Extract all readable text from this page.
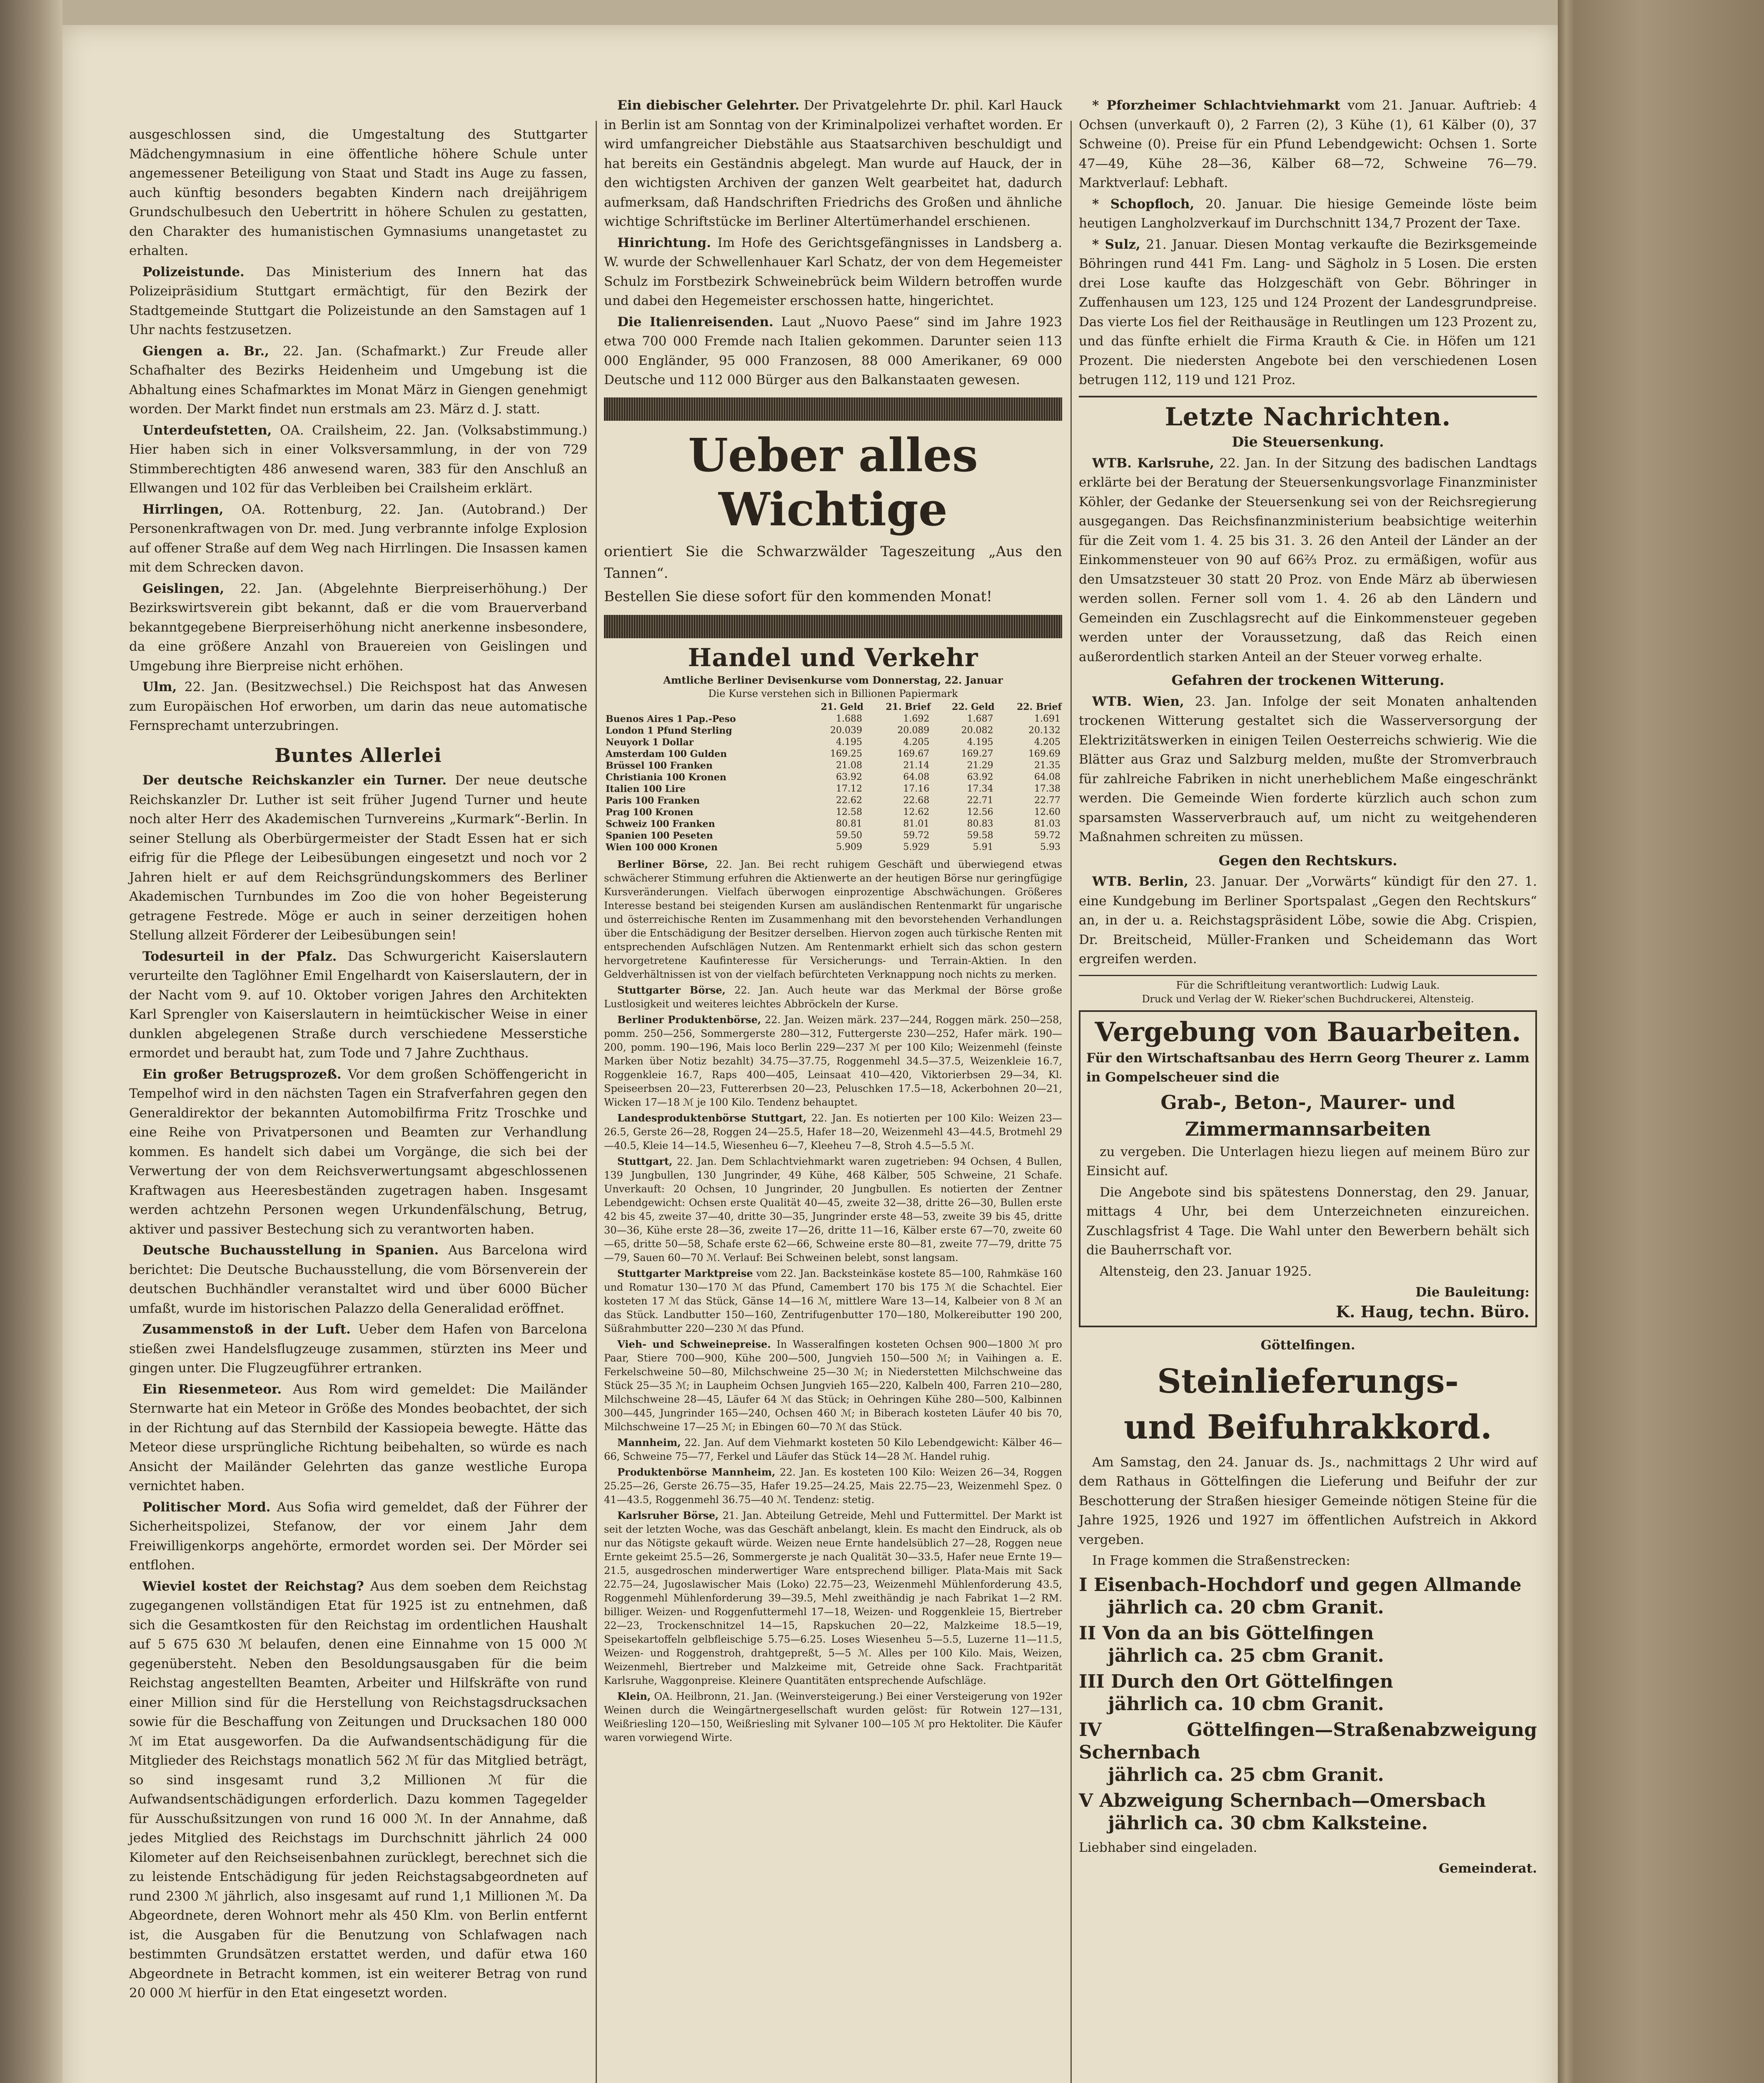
ausgeschlossen sind, die Umgestaltung des Stuttgarter Mädchengymnasium in eine öffentliche höhere Schule unter angemessener Beteiligung von Staat und Stadt ins Auge zu fassen, auch künftig besonders begabten Kindern nach dreijährigem Grundschulbesuch den Uebertritt in höhere Schulen zu gestatten, den Charakter des humanistischen Gymnasiums unangetastet zu erhalten.

Polizeistunde. Das Ministerium des Innern hat das Polizeipräsidium Stuttgart ermächtigt, für den Bezirk der Stadtgemeinde Stuttgart die Polizeistunde an den Samstagen auf 1 Uhr nachts festzusetzen.

Giengen a. Br., 22. Jan. (Schafmarkt.) Zur Freude aller Schafhalter des Bezirks Heidenheim und Umgebung ist die Abhaltung eines Schafmarktes im Monat März in Giengen genehmigt worden. Der Markt findet nun erstmals am 23. März d. J. statt.

Unterdeufstetten, OA. Crailsheim, 22. Jan. (Volksabstimmung.) Hier haben sich in einer Volksversammlung, in der von 729 Stimmberechtigten 486 anwesend waren, 383 für den Anschluß an Ellwangen und 102 für das Verbleiben bei Crailsheim erklärt.

Hirrlingen, OA. Rottenburg, 22. Jan. (Autobrand.) Der Personenkraftwagen von Dr. med. Jung verbrannte infolge Explosion auf offener Straße auf dem Weg nach Hirrlingen. Die Insassen kamen mit dem Schrecken davon.

Geislingen, 22. Jan. (Abgelehnte Bierpreiserhöhung.) Der Bezirkswirtsverein gibt bekannt, daß er die vom Brauerverband bekanntgegebene Bierpreiserhöhung nicht anerkenne insbesondere, da eine größere Anzahl von Brauereien von Geislingen und Umgebung ihre Bierpreise nicht erhöhen.

Ulm, 22. Jan. (Besitzwechsel.) Die Reichspost hat das Anwesen zum Europäischen Hof erworben, um darin das neue automatische Fernsprechamt unterzubringen.

Buntes Allerlei

Der deutsche Reichskanzler ein Turner. Der neue deutsche Reichskanzler Dr. Luther ist seit früher Jugend Turner und heute noch alter Herr des Akademischen Turnvereins „Kurmark“-Berlin. In seiner Stellung als Oberbürgermeister der Stadt Essen hat er sich eifrig für die Pflege der Leibesübungen eingesetzt und noch vor 2 Jahren hielt er auf dem Reichsgründungskommers des Berliner Akademischen Turnbundes im Zoo die von hoher Begeisterung getragene Festrede. Möge er auch in seiner derzeitigen hohen Stellung allzeit Förderer der Leibesübungen sein!

Todesurteil in der Pfalz. Das Schwurgericht Kaiserslautern verurteilte den Taglöhner Emil Engelhardt von Kaiserslautern, der in der Nacht vom 9. auf 10. Oktober vorigen Jahres den Architekten Karl Sprengler von Kaiserslautern in heimtückischer Weise in einer dunklen abgelegenen Straße durch verschiedene Messerstiche ermordet und beraubt hat, zum Tode und 7 Jahre Zuchthaus.

Ein großer Betrugsprozeß. Vor dem großen Schöffengericht in Tempelhof wird in den nächsten Tagen ein Strafverfahren gegen den Generaldirektor der bekannten Automobilfirma Fritz Troschke und eine Reihe von Privatpersonen und Beamten zur Verhandlung kommen. Es handelt sich dabei um Vorgänge, die sich bei der Verwertung der von dem Reichsverwertungsamt abgeschlossenen Kraftwagen aus Heeresbeständen zugetragen haben. Insgesamt werden achtzehn Personen wegen Urkundenfälschung, Betrug, aktiver und passiver Bestechung sich zu verantworten haben.

Deutsche Buchausstellung in Spanien. Aus Barcelona wird berichtet: Die Deutsche Buchausstellung, die vom Börsenverein der deutschen Buchhändler veranstaltet wird und über 6000 Bücher umfaßt, wurde im historischen Palazzo della Generalidad eröffnet.

Zusammenstoß in der Luft. Ueber dem Hafen von Barcelona stießen zwei Handelsflugzeuge zusammen, stürzten ins Meer und gingen unter. Die Flugzeugführer ertranken.

Ein Riesenmeteor. Aus Rom wird gemeldet: Die Mailänder Sternwarte hat ein Meteor in Größe des Mondes beobachtet, der sich in der Richtung auf das Sternbild der Kassiopeia bewegte. Hätte das Meteor diese ursprüngliche Richtung beibehalten, so würde es nach Ansicht der Mailänder Gelehrten das ganze westliche Europa vernichtet haben.

Politischer Mord. Aus Sofia wird gemeldet, daß der Führer der Sicherheitspolizei, Stefanow, der vor einem Jahr dem Freiwilligenkorps angehörte, ermordet worden sei. Der Mörder sei entflohen.

Wieviel kostet der Reichstag? Aus dem soeben dem Reichstag zugegangenen vollständigen Etat für 1925 ist zu entnehmen, daß sich die Gesamtkosten für den Reichstag im ordentlichen Haushalt auf 5 675 630 ℳ belaufen, denen eine Einnahme von 15 000 ℳ gegenübersteht. Neben den Besoldungsausgaben für die beim Reichstag angestellten Beamten, Arbeiter und Hilfskräfte von rund einer Million sind für die Herstellung von Reichstagsdrucksachen sowie für die Beschaffung von Zeitungen und Drucksachen 180 000 ℳ im Etat ausgeworfen. Da die Aufwandsentschädigung für die Mitglieder des Reichstags monatlich 562 ℳ für das Mitglied beträgt, so sind insgesamt rund 3,2 Millionen ℳ für die Aufwandsentschädigungen erforderlich. Dazu kommen Tagegelder für Ausschußsitzungen von rund 16 000 ℳ. In der Annahme, daß jedes Mitglied des Reichstags im Durchschnitt jährlich 24 000 Kilometer auf den Reichseisenbahnen zurücklegt, berechnet sich die zu leistende Entschädigung für jeden Reichstagsabgeordneten auf rund 2300 ℳ jährlich, also insgesamt auf rund 1,1 Millionen ℳ. Da Abgeordnete, deren Wohnort mehr als 450 Klm. von Berlin entfernt ist, die Ausgaben für die Benutzung von Schlafwagen nach bestimmten Grundsätzen erstattet werden, und dafür etwa 160 Abgeordnete in Betracht kommen, ist ein weiterer Betrag von rund 20 000 ℳ hierfür in den Etat eingesetzt worden.

Ein diebischer Gelehrter. Der Privatgelehrte Dr. phil. Karl Hauck in Berlin ist am Sonntag von der Kriminalpolizei verhaftet worden. Er wird umfangreicher Diebstähle aus Staatsarchiven beschuldigt und hat bereits ein Geständnis abgelegt. Man wurde auf Hauck, der in den wichtigsten Archiven der ganzen Welt gearbeitet hat, dadurch aufmerksam, daß Handschriften Friedrichs des Großen und ähnliche wichtige Schriftstücke im Berliner Altertümerhandel erschienen.

Hinrichtung. Im Hofe des Gerichtsgefängnisses in Landsberg a. W. wurde der Schwellenhauer Karl Schatz, der von dem Hegemeister Schulz im Forstbezirk Schweinebrück beim Wildern betroffen wurde und dabei den Hegemeister erschossen hatte, hingerichtet.

Die Italienreisenden. Laut „Nuovo Paese“ sind im Jahre 1923 etwa 700 000 Fremde nach Italien gekommen. Darunter seien 113 000 Engländer, 95 000 Franzosen, 88 000 Amerikaner, 69 000 Deutsche und 112 000 Bürger aus den Balkanstaaten gewesen.

Ueber alles Wichtige

orientiert Sie die Schwarzwälder Tageszeitung „Aus den Tannen“.

Bestellen Sie diese sofort für den kommenden Monat!

Handel und Verkehr
Amtliche Berliner Devisenkurse vom Donnerstag, 22. Januar
Die Kurse verstehen sich in Billionen Papiermark
	21. Geld	21. Brief	22. Geld	22. Brief
Buenos Aires 1 Pap.-Peso	1.688	1.692	1.687	1.691
London 1 Pfund Sterling	20.039	20.089	20.082	20.132
Neuyork 1 Dollar	4.195	4.205	4.195	4.205
Amsterdam 100 Gulden	169.25	169.67	169.27	169.69
Brüssel 100 Franken	21.08	21.14	21.29	21.35
Christiania 100 Kronen	63.92	64.08	63.92	64.08
Italien 100 Lire	17.12	17.16	17.34	17.38
Paris 100 Franken	22.62	22.68	22.71	22.77
Prag 100 Kronen	12.58	12.62	12.56	12.60
Schweiz 100 Franken	80.81	81.01	80.83	81.03
Spanien 100 Peseten	59.50	59.72	59.58	59.72
Wien 100 000 Kronen	5.909	5.929	5.91	5.93

Berliner Börse, 22. Jan. Bei recht ruhigem Geschäft und überwiegend etwas schwächerer Stimmung erfuhren die Aktienwerte an der heutigen Börse nur geringfügige Kursveränderungen. Vielfach überwogen einprozentige Abschwächungen. Größeres Interesse bestand bei steigenden Kursen am ausländischen Rentenmarkt für ungarische und österreichische Renten im Zusammenhang mit den bevorstehenden Verhandlungen über die Entschädigung der Besitzer derselben. Hiervon zogen auch türkische Renten mit entsprechenden Aufschlägen Nutzen. Am Rentenmarkt erhielt sich das schon gestern hervorgetretene Kaufinteresse für Versicherungs- und Terrain-Aktien. In den Geldverhältnissen ist von der vielfach befürchteten Verknappung noch nichts zu merken.

Stuttgarter Börse, 22. Jan. Auch heute war das Merkmal der Börse große Lustlosigkeit und weiteres leichtes Abbröckeln der Kurse.

Berliner Produktenbörse, 22. Jan. Weizen märk. 237—244, Roggen märk. 250—258, pomm. 250—256, Sommergerste 280—312, Futtergerste 230—252, Hafer märk. 190—200, pomm. 190—196, Mais loco Berlin 229—237 ℳ per 100 Kilo; Weizenmehl (feinste Marken über Notiz bezahlt) 34.75—37.75, Roggenmehl 34.5—37.5, Weizenkleie 16.7, Roggenkleie 16.7, Raps 400—405, Leinsaat 410—420, Viktorierbsen 29—34, Kl. Speiseerbsen 20—23, Futtererbsen 20—23, Peluschken 17.5—18, Ackerbohnen 20—21, Wicken 17—18 ℳ je 100 Kilo. Tendenz behauptet.

Landesproduktenbörse Stuttgart, 22. Jan. Es notierten per 100 Kilo: Weizen 23—26.5, Gerste 26—28, Roggen 24—25.5, Hafer 18—20, Weizenmehl 43—44.5, Brotmehl 29—40.5, Kleie 14—14.5, Wiesenheu 6—7, Kleeheu 7—8, Stroh 4.5—5.5 ℳ.

Stuttgart, 22. Jan. Dem Schlachtviehmarkt waren zugetrieben: 94 Ochsen, 4 Bullen, 139 Jungbullen, 130 Jungrinder, 49 Kühe, 468 Kälber, 505 Schweine, 21 Schafe. Unverkauft: 20 Ochsen, 10 Jungrinder, 20 Jungbullen. Es notierten der Zentner Lebendgewicht: Ochsen erste Qualität 40—45, zweite 32—38, dritte 26—30, Bullen erste 42 bis 45, zweite 37—40, dritte 30—35, Jungrinder erste 48—53, zweite 39 bis 45, dritte 30—36, Kühe erste 28—36, zweite 17—26, dritte 11—16, Kälber erste 67—70, zweite 60—65, dritte 50—58, Schafe erste 62—66, Schweine erste 80—81, zweite 77—79, dritte 75—79, Sauen 60—70 ℳ. Verlauf: Bei Schweinen belebt, sonst langsam.

Stuttgarter Marktpreise vom 22. Jan. Backsteinkäse kostete 85—100, Rahmkäse 160 und Romatur 130—170 ℳ das Pfund, Camembert 170 bis 175 ℳ die Schachtel. Eier kosteten 17 ℳ das Stück, Gänse 14—16 ℳ, mittlere Ware 13—14, Kalbeier von 8 ℳ an das Stück. Landbutter 150—160, Zentrifugenbutter 170—180, Molkereibutter 190 200, Süßrahmbutter 220—230 ℳ das Pfund.

Vieh- und Schweinepreise. In Wasseralfingen kosteten Ochsen 900—1800 ℳ pro Paar, Stiere 700—900, Kühe 200—500, Jungvieh 150—500 ℳ; in Vaihingen a. E. Ferkelschweine 50—80, Milchschweine 25—30 ℳ; in Niederstetten Milchschweine das Stück 25—35 ℳ; in Laupheim Ochsen Jungvieh 165—220, Kalbeln 400, Farren 210—280, Milchschweine 28—45, Läufer 64 ℳ das Stück; in Oehringen Kühe 280—500, Kalbinnen 300—445, Jungrinder 165—240, Ochsen 460 ℳ; in Biberach kosteten Läufer 40 bis 70, Milchschweine 17—25 ℳ; in Ebingen 60—70 ℳ das Stück.

Mannheim, 22. Jan. Auf dem Viehmarkt kosteten 50 Kilo Lebendgewicht: Kälber 46—66, Schweine 75—77, Ferkel und Läufer das Stück 14—28 ℳ. Handel ruhig.

Produktenbörse Mannheim, 22. Jan. Es kosteten 100 Kilo: Weizen 26—34, Roggen 25.25—26, Gerste 26.75—35, Hafer 19.25—24.25, Mais 22.75—23, Weizenmehl Spez. 0 41—43.5, Roggenmehl 36.75—40 ℳ. Tendenz: stetig.

Karlsruher Börse, 21. Jan. Abteilung Getreide, Mehl und Futtermittel. Der Markt ist seit der letzten Woche, was das Geschäft anbelangt, klein. Es macht den Eindruck, als ob nur das Nötigste gekauft würde. Weizen neue Ernte handelsüblich 27—28, Roggen neue Ernte gekeimt 25.5—26, Sommergerste je nach Qualität 30—33.5, Hafer neue Ernte 19—21.5, ausgedroschen minderwertiger Ware entsprechend billiger. Plata-Mais mit Sack 22.75—24, Jugoslawischer Mais (Loko) 22.75—23, Weizenmehl Mühlenforderung 43.5, Roggenmehl Mühlenforderung 39—39.5, Mehl zweithändig je nach Fabrikat 1—2 RM. billiger. Weizen- und Roggenfuttermehl 17—18, Weizen- und Roggenkleie 15, Biertreber 22—23, Trockenschnitzel 14—15, Rapskuchen 20—22, Malzkeime 18.5—19, Speisekartoffeln gelbfleischige 5.75—6.25. Loses Wiesenheu 5—5.5, Luzerne 11—11.5, Weizen- und Roggenstroh, drahtgepreßt, 5—5 ℳ. Alles per 100 Kilo. Mais, Weizen, Weizenmehl, Biertreber und Malzkeime mit, Getreide ohne Sack. Frachtparität Karlsruhe, Waggonpreise. Kleinere Quantitäten entsprechende Aufschläge.

Klein, OA. Heilbronn, 21. Jan. (Weinversteigerung.) Bei einer Versteigerung von 192er Weinen durch die Weingärtnergesellschaft wurden gelöst: für Rotwein 127—131, Weißriesling 120—150, Weißriesling mit Sylvaner 100—105 ℳ pro Hektoliter. Die Käufer waren vorwiegend Wirte.

* Pforzheimer Schlachtviehmarkt vom 21. Januar. Auftrieb: 4 Ochsen (unverkauft 0), 2 Farren (2), 3 Kühe (1), 61 Kälber (0), 37 Schweine (0). Preise für ein Pfund Lebendgewicht: Ochsen 1. Sorte 47—49, Kühe 28—36, Kälber 68—72, Schweine 76—79. Marktverlauf: Lebhaft.

* Schopfloch, 20. Januar. Die hiesige Gemeinde löste beim heutigen Langholzverkauf im Durchschnitt 134,7 Prozent der Taxe.

* Sulz, 21. Januar. Diesen Montag verkaufte die Bezirksgemeinde Böhringen rund 441 Fm. Lang- und Sägholz in 5 Losen. Die ersten drei Lose kaufte das Holzgeschäft von Gebr. Böhringer in Zuffenhausen um 123, 125 und 124 Prozent der Landesgrundpreise. Das vierte Los fiel der Reithausäge in Reutlingen um 123 Prozent zu, und das fünfte erhielt die Firma Krauth & Cie. in Höfen um 121 Prozent. Die niedersten Angebote bei den verschiedenen Losen betrugen 112, 119 und 121 Proz.

Letzte Nachrichten.
Die Steuersenkung.

WTB. Karlsruhe, 22. Jan. In der Sitzung des badischen Landtags erklärte bei der Beratung der Steuersenkungsvorlage Finanzminister Köhler, der Gedanke der Steuersenkung sei von der Reichsregierung ausgegangen. Das Reichsfinanzministerium beabsichtige weiterhin für die Zeit vom 1. 4. 25 bis 31. 3. 26 den Anteil der Länder an der Einkommensteuer von 90 auf 66⅔ Proz. zu ermäßigen, wofür aus den Umsatzsteuer 30 statt 20 Proz. von Ende März ab überwiesen werden sollen. Ferner soll vom 1. 4. 26 ab den Ländern und Gemeinden ein Zuschlagsrecht auf die Einkommensteuer gegeben werden unter der Voraussetzung, daß das Reich einen außerordentlich starken Anteil an der Steuer vorweg erhalte.

Gefahren der trockenen Witterung.

WTB. Wien, 23. Jan. Infolge der seit Monaten anhaltenden trockenen Witterung gestaltet sich die Wasserversorgung der Elektrizitätswerken in einigen Teilen Oesterreichs schwierig. Wie die Blätter aus Graz und Salzburg melden, mußte der Stromverbrauch für zahlreiche Fabriken in nicht unerheblichem Maße eingeschränkt werden. Die Gemeinde Wien forderte kürzlich auch schon zum sparsamsten Wasserverbrauch auf, um nicht zu weitgehenderen Maßnahmen schreiten zu müssen.

Gegen den Rechtskurs.

WTB. Berlin, 23. Januar. Der „Vorwärts“ kündigt für den 27. 1. eine Kundgebung im Berliner Sportspalast „Gegen den Rechtskurs“ an, in der u. a. Reichstagspräsident Löbe, sowie die Abg. Crispien, Dr. Breitscheid, Müller-Franken und Scheidemann das Wort ergreifen werden.

Für die Schriftleitung verantwortlich: Ludwig Lauk.
Druck und Verlag der W. Rieker'schen Buchdruckerei, Altensteig.
Vergebung von Bauarbeiten.

Für den Wirtschaftsanbau des Herrn Georg Theurer z. Lamm in Gompelscheuer sind die

Grab-, Beton-, Maurer- und
Zimmermannsarbeiten

zu vergeben. Die Unterlagen hiezu liegen auf meinem Büro zur Einsicht auf.

Die Angebote sind bis spätestens Donnerstag, den 29. Januar, mittags 4 Uhr, bei dem Unterzeichneten einzureichen. Zuschlagsfrist 4 Tage. Die Wahl unter den Bewerbern behält sich die Bauherrschaft vor.

Altensteig, den 23. Januar 1925.

Die Bauleitung:
K. Haug, techn. Büro.
Göttelfingen.
Steinlieferungs-
und Beifuhrakkord.

Am Samstag, den 24. Januar ds. Js., nachmittags 2 Uhr wird auf dem Rathaus in Göttelfingen die Lieferung und Beifuhr der zur Beschotterung der Straßen hiesiger Gemeinde nötigen Steine für die Jahre 1925, 1926 und 1927 im öffentlichen Aufstreich in Akkord vergeben.

In Frage kommen die Straßenstrecken:

I Eisenbach-Hochdorf und gegen Allmande
jährlich ca. 20 cbm Granit.
II Von da an bis Göttelfingen
jährlich ca. 25 cbm Granit.
III Durch den Ort Göttelfingen
jährlich ca. 10 cbm Granit.
IV Göttelfingen—Straßenabzweigung Schernbach
jährlich ca. 25 cbm Granit.
V Abzweigung Schernbach—Omersbach
jährlich ca. 30 cbm Kalksteine.

Liebhaber sind eingeladen.

Gemeinderat.
